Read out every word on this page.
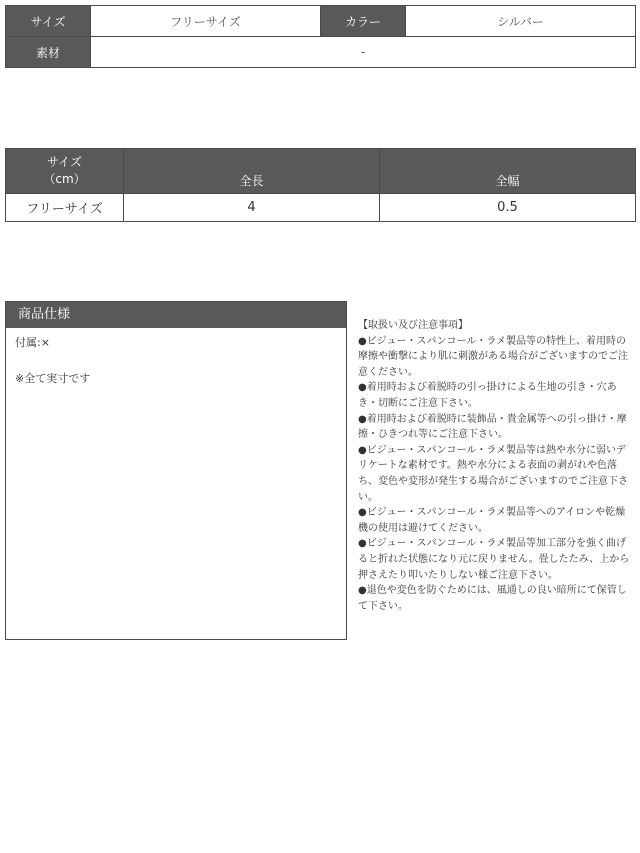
サイズ	フリーサイズ	カラー	シルバー
素材	-		
サイズ
（cm）	全長	全幅
フリーサイズ	4	0.5
商品仕様

付属:×

※全て実寸です

【取扱い及び注意事項】

●ビジュー・スパンコール・ラメ製品等の特性上、着用時の摩擦や衝撃により肌に刺激がある場合がございますのでご注意ください。

●着用時および着脱時の引っ掛けによる生地の引き・穴あき・切断にご注意下さい。

●着用時および着脱時に装飾品・貴金属等への引っ掛け・摩擦・ひきつれ等にご注意下さい。

●ビジュー・スパンコール・ラメ製品等は熱や水分に弱いデリケートな素材です。熱や水分による表面の剥がれや色落ち、変色や変形が発生する場合がございますのでご注意下さい。

●ビジュー・スパンコール・ラメ製品等へのアイロンや乾燥機の使用は避けてください。

●ビジュー・スパンコール・ラメ製品等加工部分を強く曲げると折れた状態になり元に戻りません。畳したたみ、上から押さえたり叩いたりしない様ご注意下さい。

●退色や変色を防ぐためには、風通しの良い暗所にて保管して下さい。
